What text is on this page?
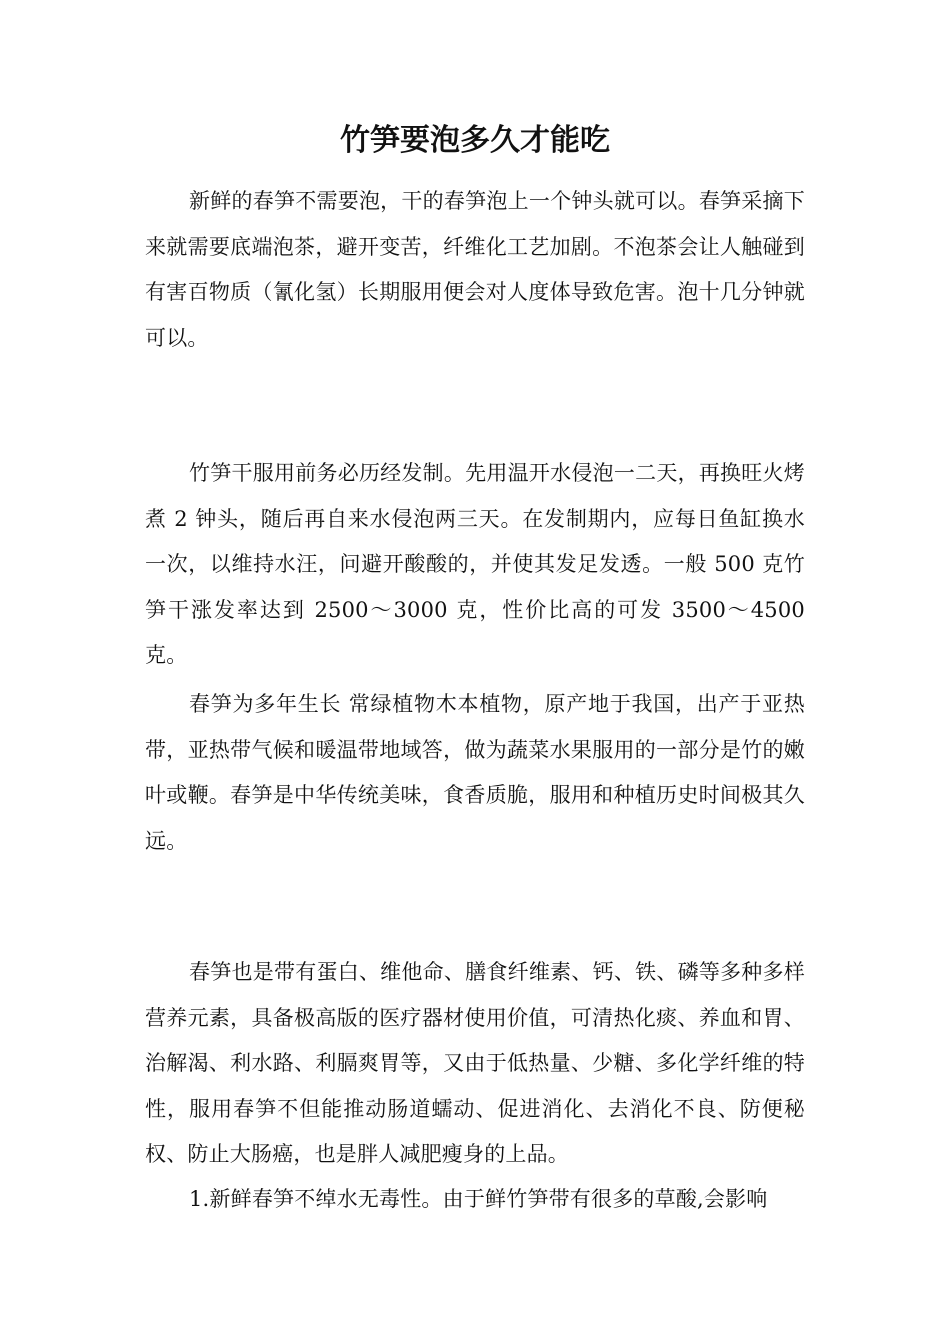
竹笋要泡多久才能吃

新鲜的春笋不需要泡，干的春笋泡上一个钟头就可以。春笋采摘下来就需要底端泡茶，避开变苦，纤维化工艺加剧。不泡茶会让人触碰到有害百物质（氰化氢）长期服用便会对人度体导致危害。泡十几分钟就可以。

竹笋干服用前务必历经发制。先用温开水侵泡一二天，再换旺火烤煮 2 钟头，随后再自来水侵泡两三天。在发制期内，应每日鱼缸换水一次，以维持水汪，问避开酸酸的，并使其发足发透。一般 500 克竹笋干涨发率达到 2500～3000 克，性价比高的可发 3500～4500 克。

春笋为多年生长 常绿植物木本植物，原产地于我国，出产于亚热带，亚热带气候和暖温带地域答，做为蔬菜水果服用的一部分是竹的嫩叶或鞭。春笋是中华传统美味，食香质脆，服用和种植历史时间极其久远。

春笋也是带有蛋白、维他命、膳食纤维素、钙、铁、磷等多种多样营养元素，具备极高版的医疗器材使用价值，可清热化痰、养血和胃、治解渴、利水路、利膈爽胃等，又由于低热量、少糖、多化学纤维的特性，服用春笋不但能推动肠道蠕动、促进消化、去消化不良、防便秘权、防止大肠癌，也是胖人减肥瘦身的上品。

1.新鲜春笋不绰水无毒性。由于鲜竹笋带有很多的草酸,会影响
